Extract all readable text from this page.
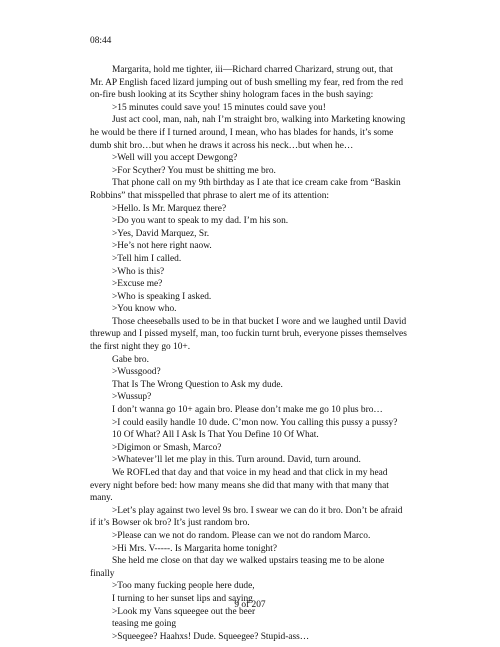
08:44

Margarita, hold me tighter, iii—Richard charred Charizard, strung out, that Mr. AP English faced lizard jumping out of bush smelling my fear, red from the red on-fire bush looking at its Scyther shiny hologram faces in the bush saying:

>15 minutes could save you! 15 minutes could save you!

Just act cool, man, nah, nah I’m straight bro, walking into Marketing knowing he would be there if I turned around, I mean, who has blades for hands, it’s some dumb shit bro…but when he draws it across his neck…but when he…

>Well will you accept Dewgong?

>For Scyther? You must be shitting me bro.

That phone call on my 9th birthday as I ate that ice cream cake from “Baskin Robbins” that misspelled that phrase to alert me of its attention:

>Hello. Is Mr. Marquez there?

>Do you want to speak to my dad. I’m his son.

>Yes, David Marquez, Sr.

>He’s not here right naow.

>Tell him I called.

>Who is this?

>Excuse me?

>Who is speaking I asked.

>You know who.

Those cheeseballs used to be in that bucket I wore and we laughed until David threwup and I pissed myself, man, too fuckin turnt bruh, everyone pisses themselves the first night they go 10+.

Gabe bro.

>Wussgood?

That Is The Wrong Question to Ask my dude.

>Wussup?

I don’t wanna go 10+ again bro. Please don’t make me go 10 plus bro…

>I could easily handle 10 dude. C’mon now. You calling this pussy a pussy?

10 Of What? All I Ask Is That You Define 10 Of What.

>Digimon or Smash, Marco?

>Whatever’ll let me play in this. Turn around. David, turn around.

We ROFLed that day and that voice in my head and that click in my head every night before bed: how many means she did that many with that many that many.

>Let’s play against two level 9s bro. I swear we can do it bro. Don’t be afraid if it’s Bowser ok bro? It’s just random bro.

>Please can we not do random. Please can we not do random Marco.

>Hi Mrs. V-----. Is Margarita home tonight?

She held me close on that day we walked upstairs teasing me to be alone finally

>Too many fucking people here dude,

I turning to her sunset lips and saying

>Look my Vans squeegee out the beer

teasing me going

>Squeegee? Haahxs! Dude. Squeegee? Stupid-ass…

9 of 207
